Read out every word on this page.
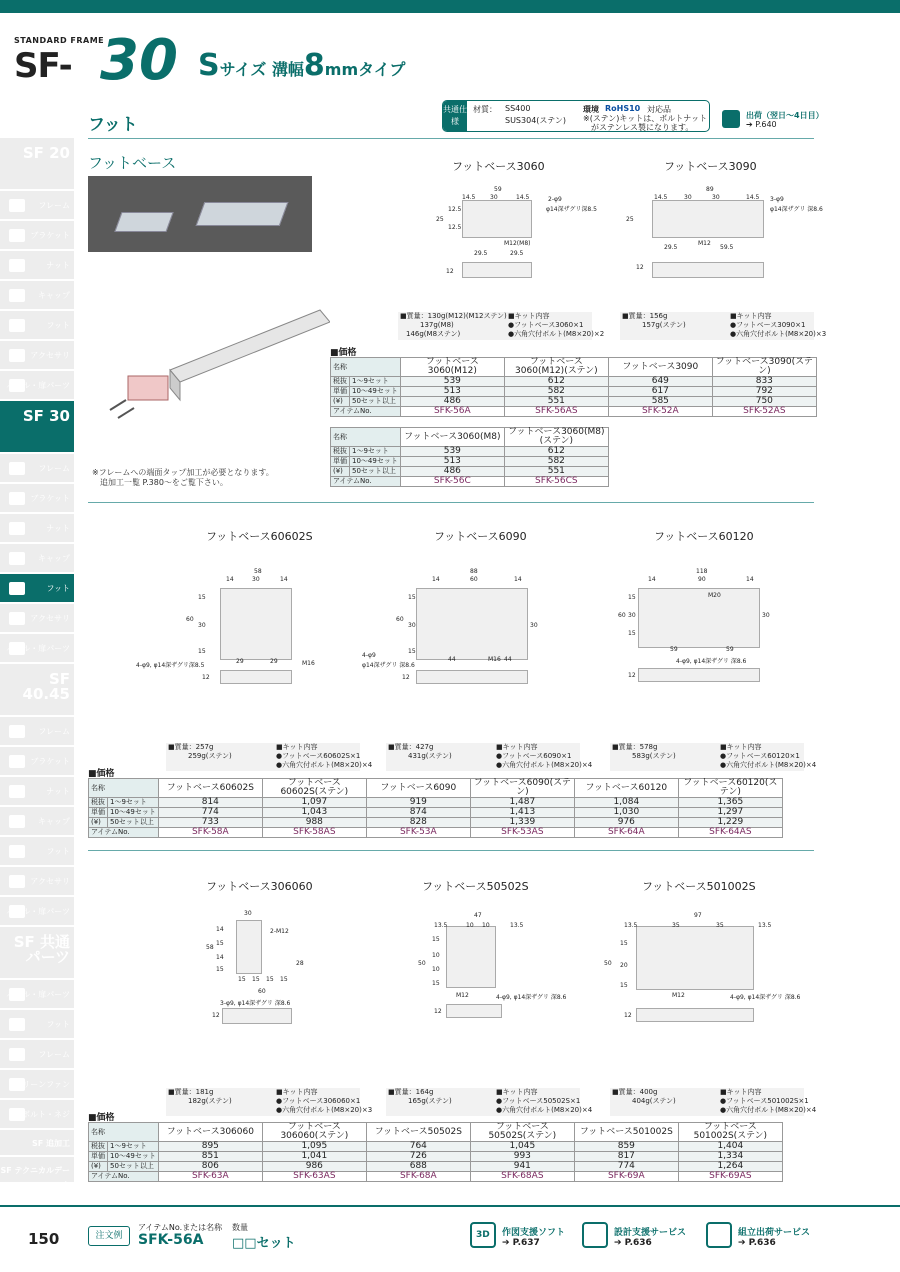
STANDARD FRAME
SF- 30 Sサイズ 溝幅8mmタイプ
フット
共通仕様
材質： SS400
SUS304(ステン)
環境 RoHS10 対応品
※(ステン)キットは、ボルトナット
がステンレス製になります。
出荷（翌日〜4日目）
➔ P.640
SF 20
フレーム
ブラケット
ナット
キャップ
フット
アクセサリ
パネル・扉パーツ
SF 30
フレーム
ブラケット
ナット
キャップ
フット
アクセサリ
パネル・扉パーツ
SF 40.45
フレーム
ブラケット
ナット
キャップ
フット
アクセサリ
パネル・扉パーツ
SF 共通パーツ
パネル・扉パーツ
フット
フレーム
クリーンファン
ボルト・ネジ
SF 追加工
SF テクニカルデータ
フットベース
※フレームへの端面タップ加工が必要となります。
追加工一覧 P.380〜をご覧下さい。
フットベース3060	フットベース3090
フットベース60602S	フットベース6090	フットベース60120
フットベース306060	フットベース50502S	フットベース501002S
59
14.5 30	14.5	2-φ9
φ14深ザグリ深8.5
25
12.5
12.5
M12(M8)
29.5	29.5
12
89
14.5	30	30	14.5 3-φ9
φ14深ザグリ 深8.6
25
M12
29.5	59.5
12
58
14	30	14
60
15
30
15
4-φ9, φ14深ザグリ深8.5
29	29	M16
12
88
14	60	14
60
15
30
15
30
4-φ9
φ14深ザグリ 深8.6
44	44
M16
12
118
14	90	14
60
15
30
15
30
M20
59	59
4-φ9, φ14深ザグリ 深8.6
12
30
58
14
15
14
15
2-M12
28
15 15 15 15
60
3-φ9, φ14深ザグリ 深8.6
12
47
13.5	10 10	13.5
50
15
10
10
15
M12	4-φ9, φ14深ザグリ 深8.6
12
97
13.5	35	35	13.5
50
15
20
15
M12	4-φ9, φ14深ザグリ 深8.6
12
■質量：130g(M12)(M12ステン)
137g(M8)
146g(M8ステン)
■キット内容
●フットベース3060×1
●六角穴付ボルト(M8×20)×2
■質量：156g
157g(ステン)
■キット内容
●フットベース3090×1
●六角穴付ボルト(M8×20)×3
■質量：257g
259g(ステン)
■キット内容
●フットベース60602S×1
●六角穴付ボルト(M8×20)×4
■質量：427g
431g(ステン)
■キット内容
●フットベース6090×1
●六角穴付ボルト(M8×20)×4
■質量：578g
583g(ステン)
■キット内容
●フットベース60120×1
●六角穴付ボルト(M8×20)×4
■質量：181g
182g(ステン)
■キット内容
●フットベース306060×1
●六角穴付ボルト(M8×20)×3
■質量：164g
165g(ステン)
■キット内容
●フットベース50502S×1
●六角穴付ボルト(M8×20)×4
■質量：400g
404g(ステン)
■キット内容
●フットベース501002S×1
●六角穴付ボルト(M8×20)×4
■価格
■価格
■価格
名称		フットベース3060(M12)	フットベース3060(M12)(ステン)	フットベース3090	フットベース3090(ステン)
税抜	1〜9セット	539	612	649	833
単価	10〜49セット	513	582	617	792
(¥)	50セット以上	486	551	585	750
アイテムNo.		SFK-56A	SFK-56AS	SFK-52A	SFK-52AS
名称		フットベース3060(M8)	フットベース3060(M8)(ステン)
税抜	1〜9セット	539	612
単価	10〜49セット	513	582
(¥)	50セット以上	486	551
アイテムNo.		SFK-56C	SFK-56CS
名称		フットベース60602S	フットベース60602S(ステン)	フットベース6090	フットベース6090(ステン)	フットベース60120	フットベース60120(ステン)
税抜	1〜9セット	814	1,097	919	1,487	1,084	1,365
単価	10〜49セット	774	1,043	874	1,413	1,030	1,297
(¥)	50セット以上	733	988	828	1,339	976	1,229
アイテムNo.		SFK-58A	SFK-58AS	SFK-53A	SFK-53AS	SFK-64A	SFK-64AS
名称		フットベース306060	フットベース306060(ステン)	フットベース50502S	フットベース50502S(ステン)	フットベース501002S	フットベース501002S(ステン)
税抜	1〜9セット	895	1,095	764	1,045	859	1,404
単価	10〜49セット	851	1,041	726	993	817	1,334
(¥)	50セット以上	806	986	688	941	774	1,264
アイテムNo.		SFK-63A	SFK-63AS	SFK-68A	SFK-68AS	SFK-69A	SFK-69AS
150	注文例
アイテムNo.または名称 数量
SFK-56A □□セット
3D 作図支援ソフト
➔ P.637
設計支援サービス
➔ P.636
組立出荷サービス
➔ P.636
